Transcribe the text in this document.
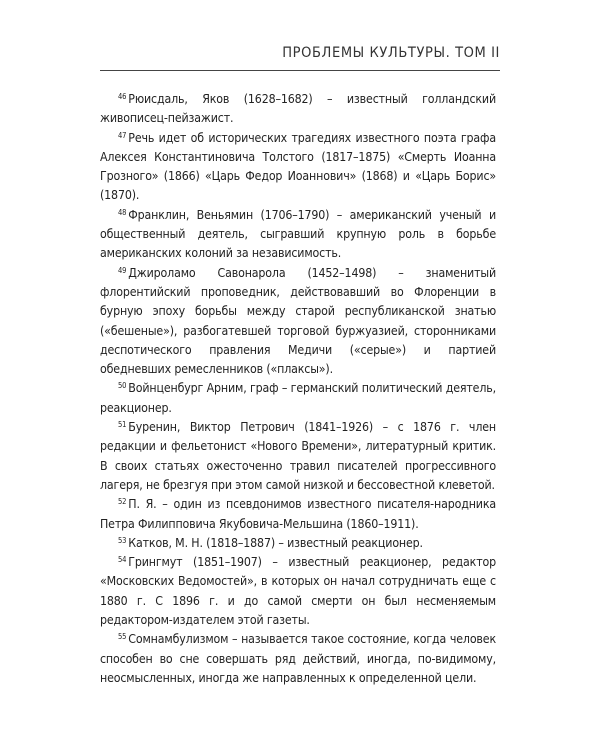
ПРОБЛЕМЫ КУЛЬТУРЫ. ТОМ II

$^{46}$ Рюисдаль, Яков (1628–1682) – известный голландский живописец-пейзажист.

$^{47}$ Речь идет об исторических трагедиях известного поэта графа Алексея Константиновича Толстого (1817–1875) «Смерть Иоанна Грозного» (1866) «Царь Федор Иоаннович» (1868) и «Царь Борис» (1870).

$^{48}$ Франклин, Веньямин (1706–1790) – американский ученый и общественный деятель, сыгравший крупную роль в борьбе американских колоний за независимость.

$^{49}$ Джироламо Савонарола (1452–1498) – знаменитый флорентийский проповедник, действовавший во Флоренции в бурную эпоху борьбы между старой республиканской знатью («бешеные»), разбогатевшей торговой буржуазией, сторонниками деспотического правления Медичи («серые») и партией обедневших ремесленников («плаксы»).

$^{50}$ Войнценбург Арним, граф – германский политический деятель, реакционер.

$^{51}$ Буренин, Виктор Петрович (1841–1926) – с 1876 г. член редакции и фельетонист «Нового Времени», литературный критик. В своих статьях ожесточенно травил писателей прогрессивного лагеря, не брезгуя при этом самой низкой и бессовестной клеветой.

$^{52}$ П. Я. – один из псевдонимов известного писателя-народника Петра Филипповича Якубовича-Мельшина (1860–1911).

$^{53}$ Катков, М. Н. (1818–1887) – известный реакционер.

$^{54}$ Грингмут (1851–1907) – известный реакционер, редактор «Московских Ведомостей», в которых он начал сотрудничать еще с 1880 г. С 1896 г. и до самой смерти он был несменяемым редактором-издателем этой газеты.

$^{55}$ Сомнамбулизмом – называется такое состояние, когда человек способен во сне совершать ряд действий, иногда, по-видимому, неосмысленных, иногда же направленных к определенной цели.
